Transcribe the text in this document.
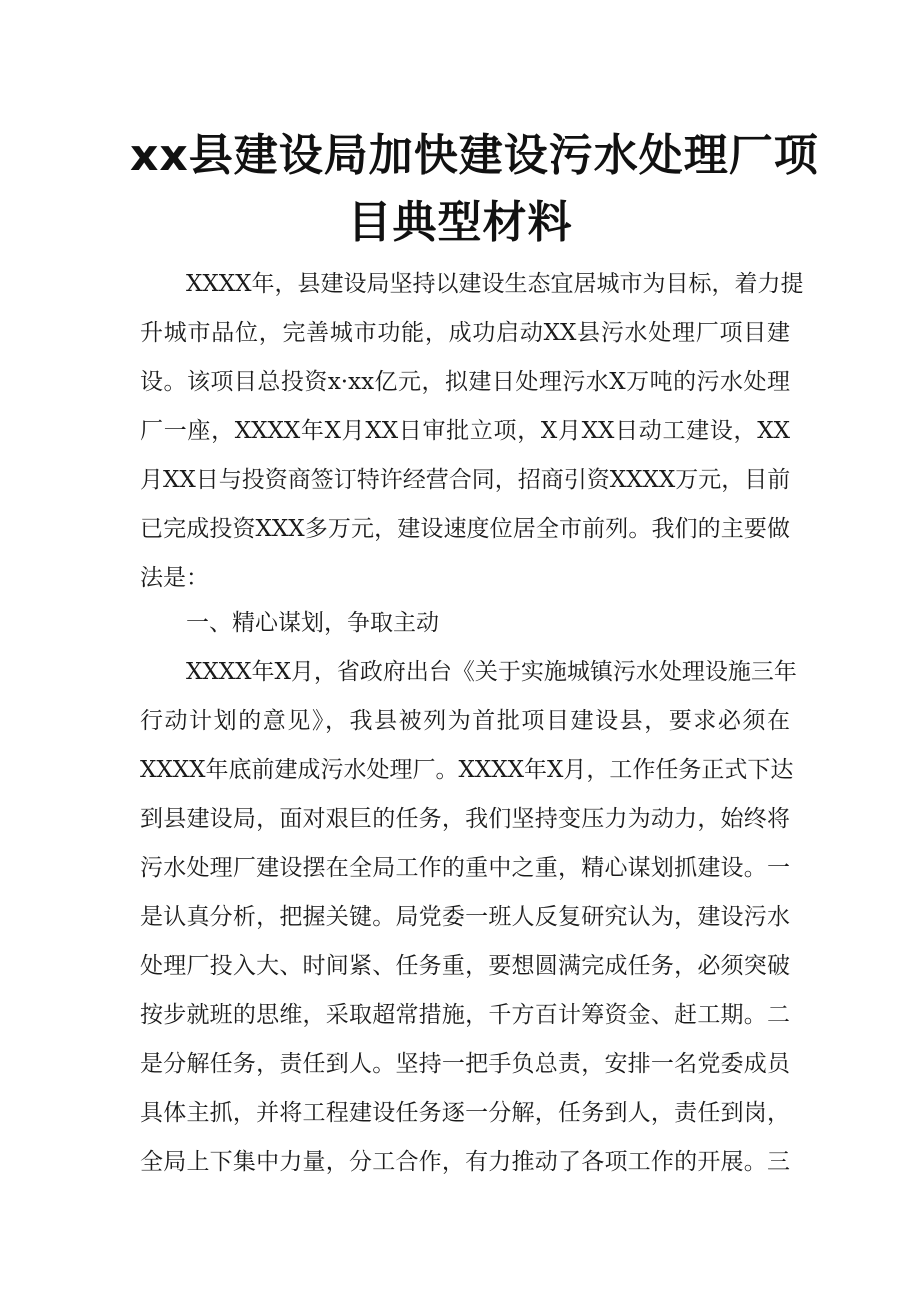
xx县建设局加快建设污水处理厂项
目典型材料
XXXX年，县建设局坚持以建设生态宜居城市为目标，着力提
升城市品位，完善城市功能，成功启动XX县污水处理厂项目建
设。该项目总投资x·xx亿元，拟建日处理污水X万吨的污水处理
厂一座，XXXX年X月XX日审批立项，X月XX日动工建设，XX
月XX日与投资商签订特许经营合同，招商引资XXXX万元，目前
已完成投资XXX多万元，建设速度位居全市前列。我们的主要做
法是：
一、精心谋划，争取主动
XXXX年X月，省政府出台《关于实施城镇污水处理设施三年
行动计划的意见》，我县被列为首批项目建设县，要求必须在
XXXX年底前建成污水处理厂。XXXX年X月，工作任务正式下达
到县建设局，面对艰巨的任务，我们坚持变压力为动力，始终将
污水处理厂建设摆在全局工作的重中之重，精心谋划抓建设。一
是认真分析，把握关键。局党委一班人反复研究认为，建设污水
处理厂投入大、时间紧、任务重，要想圆满完成任务，必须突破
按步就班的思维，采取超常措施，千方百计筹资金、赶工期。二
是分解任务，责任到人。坚持一把手负总责，安排一名党委成员
具体主抓，并将工程建设任务逐一分解，任务到人，责任到岗，
全局上下集中力量，分工合作，有力推动了各项工作的开展。三
